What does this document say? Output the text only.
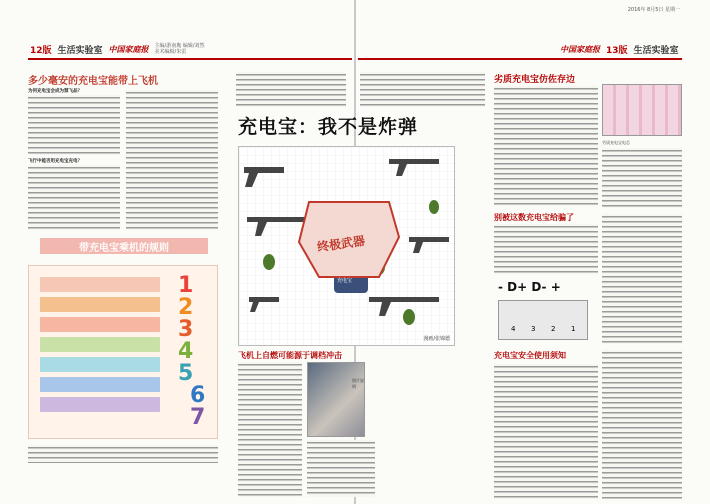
12版 生活实验室 中国家庭报 主编/游南胤 编辑/刘然
美术编辑/朱雷
2016年 8月5日 星期一
中国家庭报 13版 生活实验室
多少毫安的充电宝能带上飞机
为何充电宝会成为禁飞品？
飞行中能否用充电宝充电？
带充电宝乘机的规则
1
2
3
4
5
6
7
充电宝：我不是炸弹
终极武器
充电宝
漫画/张锦德
飞机上自燃可能源于调档冲击
图片说明
劣质充电宝仿佐存边
劣质充电宝电芯
别被这数充电宝给骗了
- D+ D- +
4 3 2 1
充电宝安全使用须知
